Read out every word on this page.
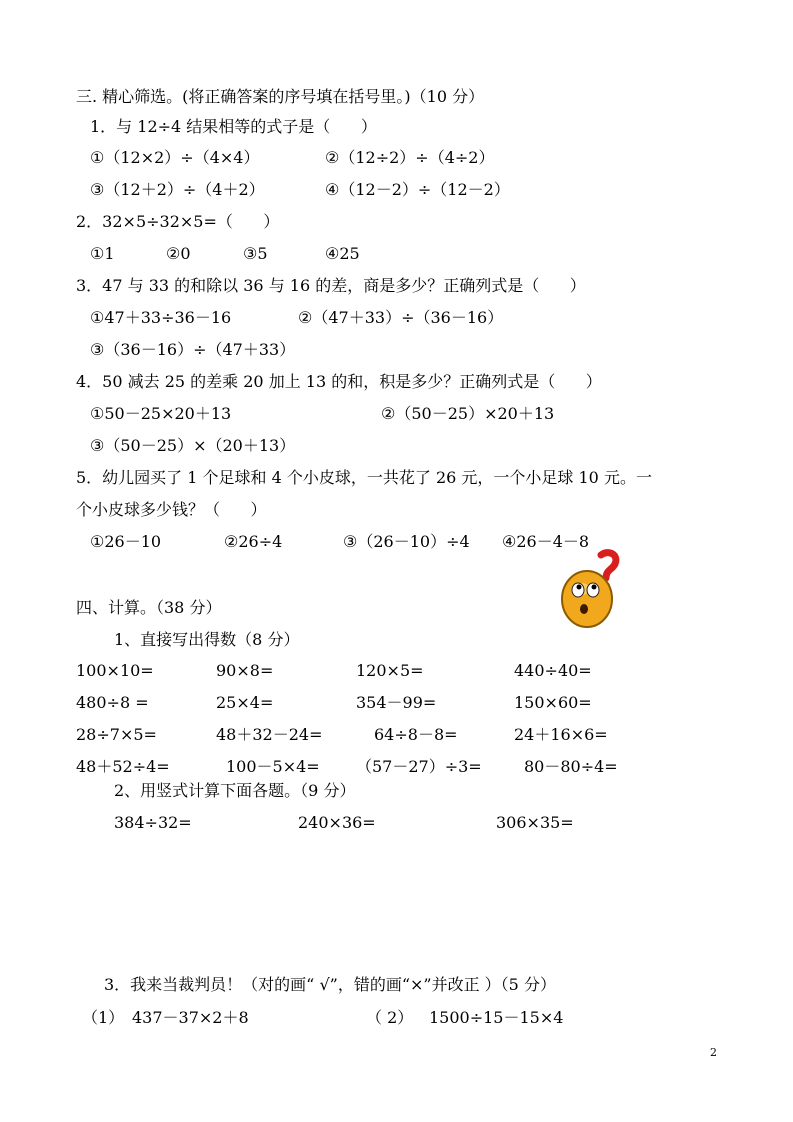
三. 精心筛选。(将正确答案的序号填在括号里。)（10 分）
1．与 12÷4 结果相等的式子是（      ）
①（12×2）÷（4×4）	②（12÷2）÷（4÷2）
③（12＋2）÷（4＋2）	④（12－2）÷（12－2）
2．32×5÷32×5=（      ）
①1	②0	③5	④25
3．47 与 33 的和除以 36 与 16 的差，商是多少？正确列式是（      ）
①47＋33÷36－16	②（47＋33）÷（36－16）
③（36－16）÷（47＋33）
4．50 减去 25 的差乘 20 加上 13 的和，积是多少？正确列式是（      ）
①50－25×20＋13	②（50－25）×20＋13
③（50－25）×（20＋13）
5．幼儿园买了 1 个足球和 4 个小皮球，一共花了 26 元，一个小足球 10 元。一
个小皮球多少钱？（      ）
①26－10	②26÷4	③（26－10）÷4 ④26－4－8
四、计算。（38 分）
1、直接写出得数（8 分）
100×10=	90×8=	120×5=	440÷40=
480÷8 =	25×4=	354－99=	150×60=
28÷7×5=	48＋32－24=	64÷8－8=	24＋16×6=
48＋52÷4=	100－5×4= （57－27）÷3=	80－80÷4=
2、用竖式计算下面各题。（9 分）
384÷32=	240×36=	306×35=
3．我来当裁判员！（对的画“ √”，错的画“×”并改正 ）（5 分）
（1） 437－37×2＋8	（ 2） 1500÷15－15×4
2
